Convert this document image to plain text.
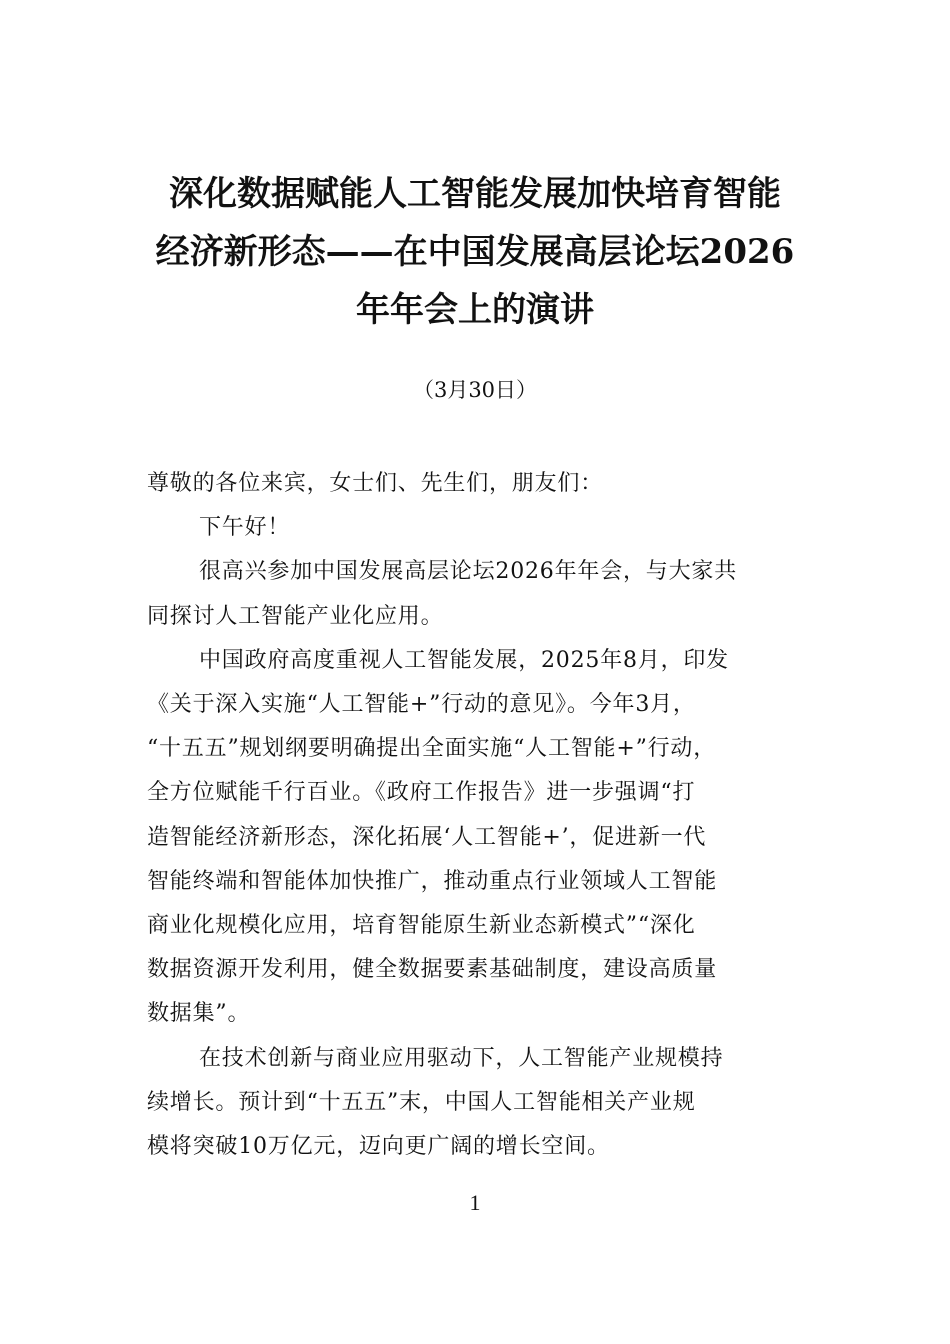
深化数据赋能人工智能发展加快培育智能
经济新形态——在中国发展高层论坛2026
年年会上的演讲
（3月30日）
尊敬的各位来宾，女士们、先生们，朋友们：
下午好！
很高兴参加中国发展高层论坛2026年年会，与大家共
同探讨人工智能产业化应用。
中国政府高度重视人工智能发展，2025年8月，印发
《关于深入实施“人工智能+”行动的意见》。今年3月，
“十五五”规划纲要明确提出全面实施“人工智能+”行动，
全方位赋能千行百业。《政府工作报告》进一步强调“打
造智能经济新形态，深化拓展‘人工智能+’，促进新一代
智能终端和智能体加快推广，推动重点行业领域人工智能
商业化规模化应用，培育智能原生新业态新模式”“深化
数据资源开发利用，健全数据要素基础制度，建设高质量
数据集”。
在技术创新与商业应用驱动下，人工智能产业规模持
续增长。预计到“十五五”末，中国人工智能相关产业规
模将突破10万亿元，迈向更广阔的增长空间。
1
